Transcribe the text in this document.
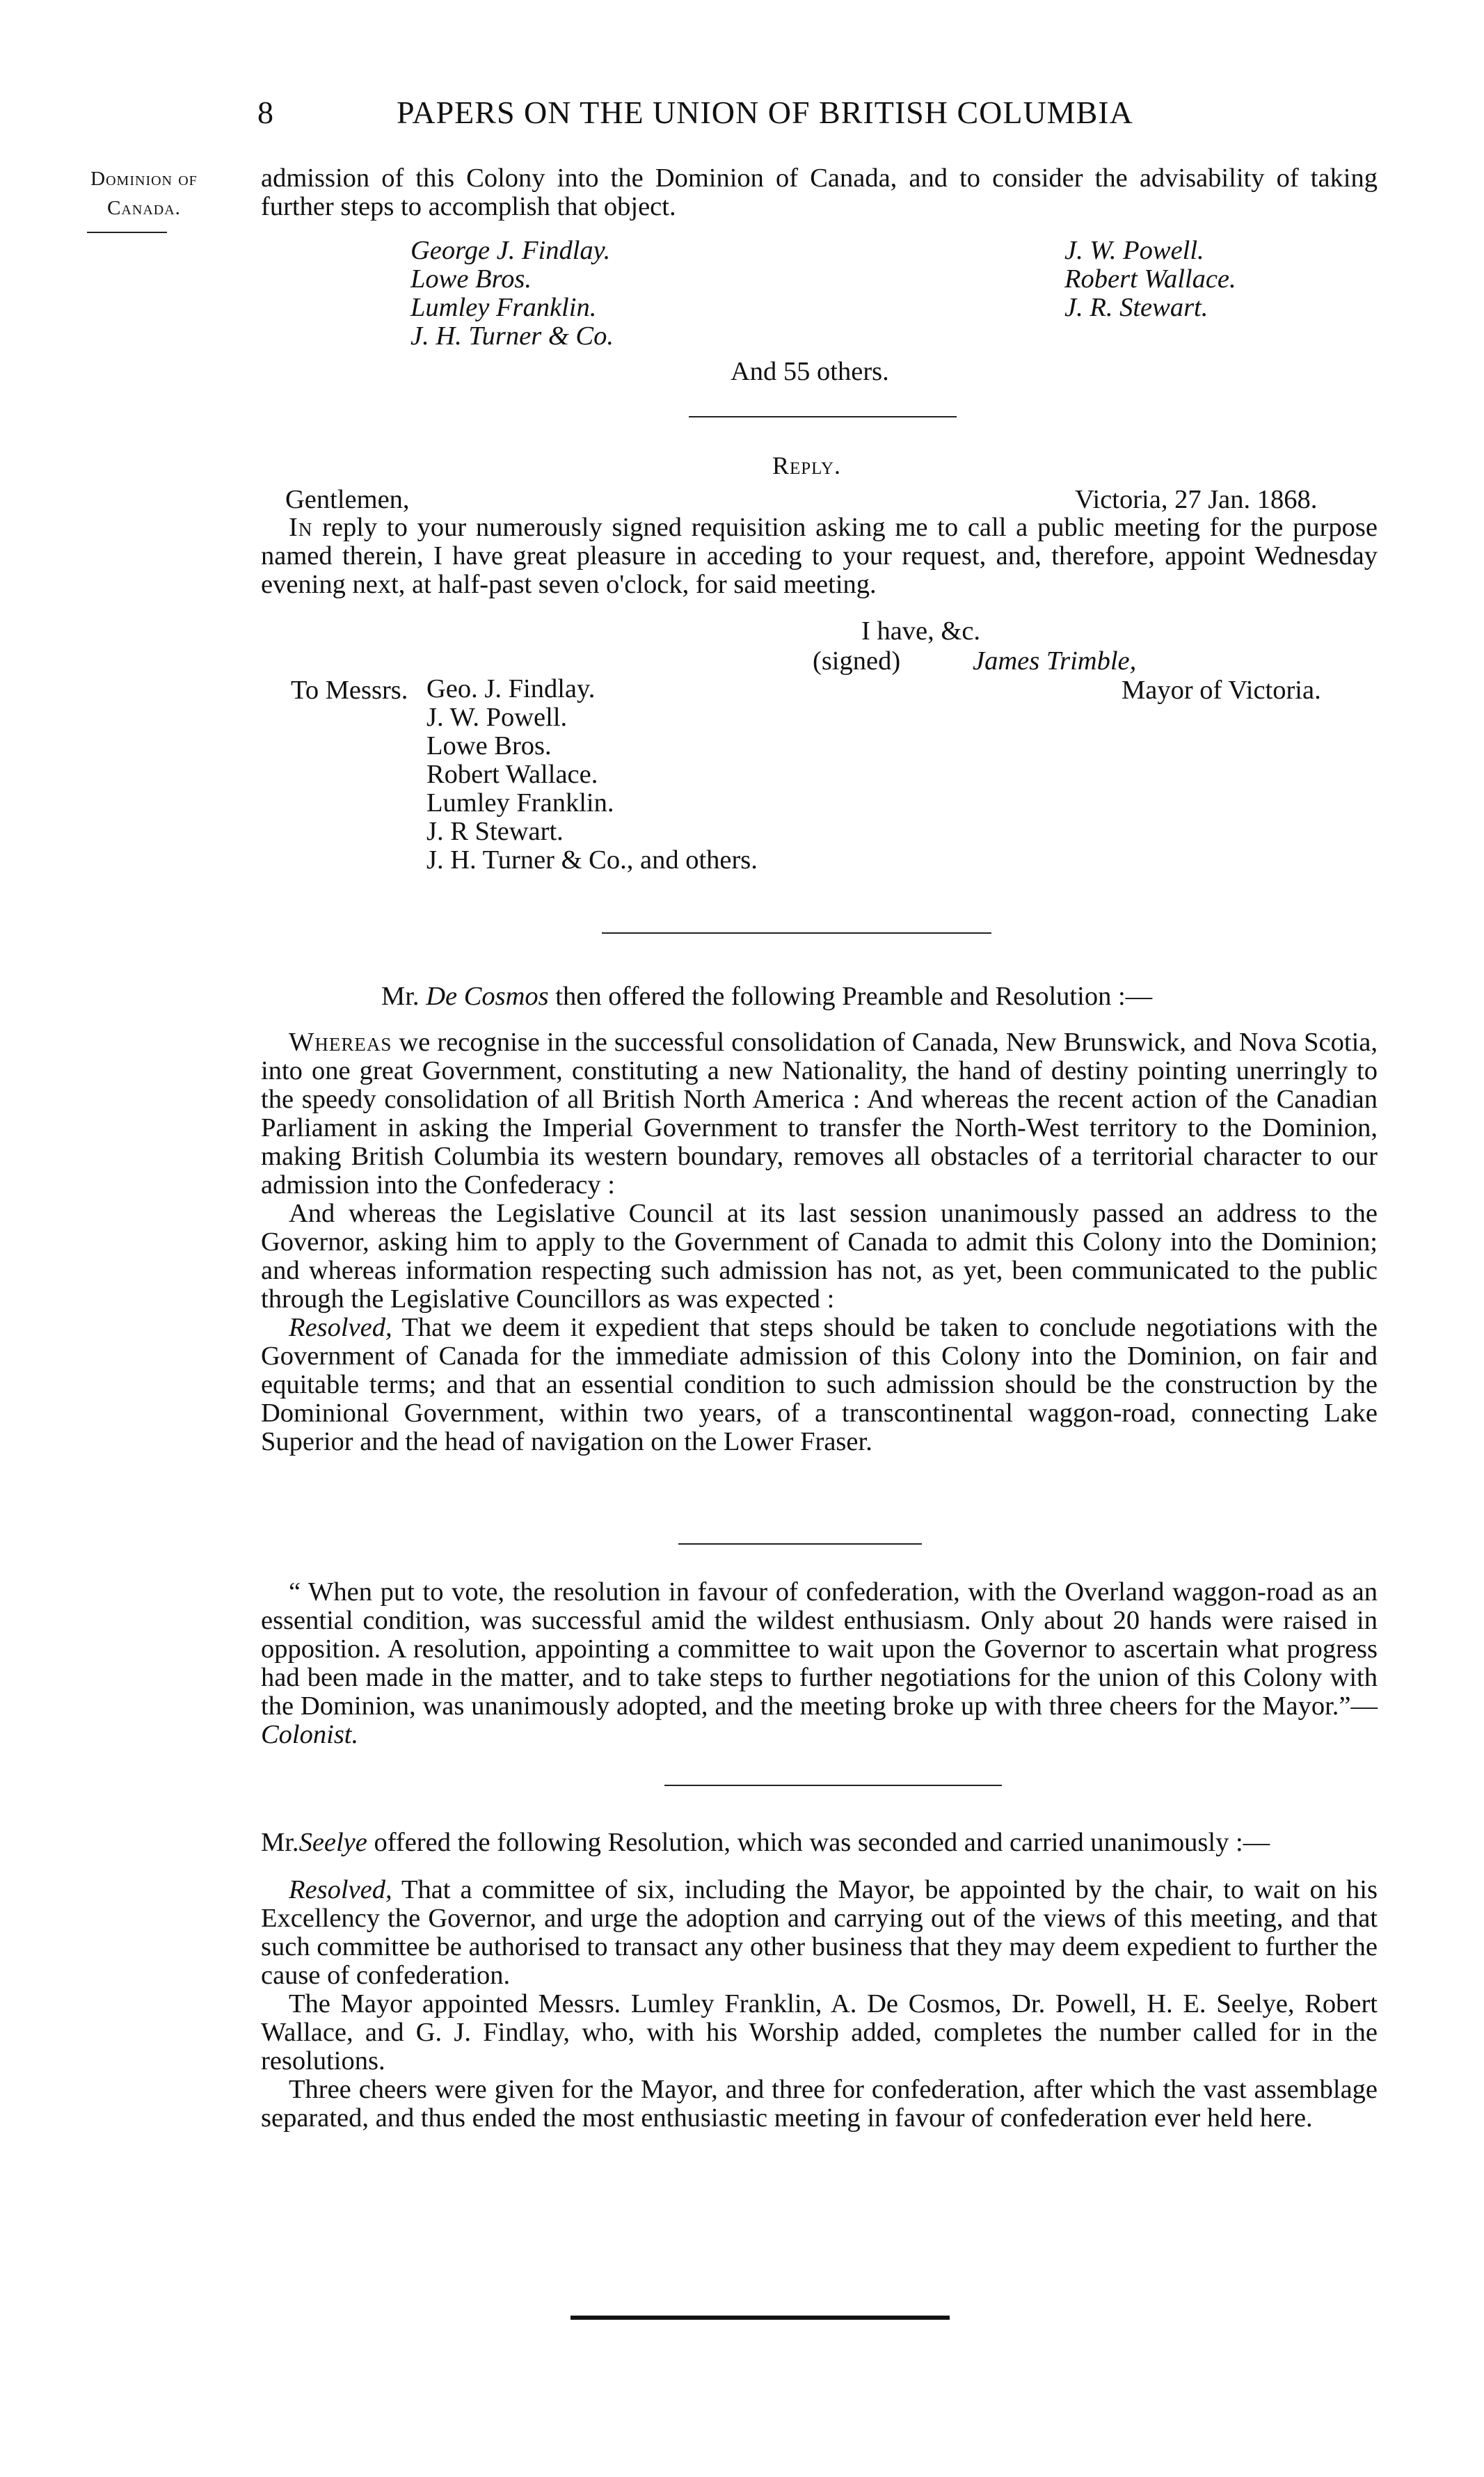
8	PAPERS ON THE UNION OF BRITISH COLUMBIA
Dominion of
Canada.

admission of this Colony into the Dominion of Canada, and to consider the advisability of taking further steps to accomplish that object.

George J. Findlay.
Lowe Bros.
Lumley Franklin.
J. H. Turner & Co.
J. W. Powell.
Robert Wallace.
J. R. Stewart.
And 55 others.
Reply.
Gentlemen,	Victoria, 27 Jan. 1868.

In reply to your numerously signed requisition asking me to call a public meeting for the purpose named therein, I have great pleasure in acceding to your request, and, therefore, appoint Wednesday evening next, at half-past seven o'clock, for said meeting.

I have, &c.
(signed)	James Trimble,
Mayor of Victoria.
To Messrs. Geo. J. Findlay.
J. W. Powell.
Lowe Bros.
Robert Wallace.
Lumley Franklin.
J. R Stewart.
J. H. Turner & Co., and others.
Mr. De Cosmos then offered the following Preamble and Resolution :—

Whereas we recognise in the successful consolidation of Canada, New Brunswick, and Nova Scotia, into one great Government, constituting a new Nationality, the hand of destiny pointing unerringly to the speedy consolidation of all British North America : And whereas the recent action of the Canadian Parliament in asking the Imperial Government to transfer the North-West territory to the Dominion, making British Columbia its western boundary, removes all obstacles of a territorial character to our admission into the Confederacy :

And whereas the Legislative Council at its last session unanimously passed an address to the Governor, asking him to apply to the Government of Canada to admit this Colony into the Dominion; and whereas information respecting such admission has not, as yet, been communicated to the public through the Legislative Councillors as was expected :

Resolved, That we deem it expedient that steps should be taken to conclude negotiations with the Government of Canada for the immediate admission of this Colony into the Dominion, on fair and equitable terms; and that an essential condition to such admission should be the construction by the Dominional Government, within two years, of a transcontinental waggon-road, connecting Lake Superior and the head of navigation on the Lower Fraser.

“ When put to vote, the resolution in favour of confederation, with the Overland waggon-road as an essential condition, was successful amid the wildest enthusiasm. Only about 20 hands were raised in opposition. A resolution, appointing a committee to wait upon the Governor to ascertain what progress had been made in the matter, and to take steps to further negotiations for the union of this Colony with the Dominion, was unanimously adopted, and the meeting broke up with three cheers for the Mayor.”—Colonist.

Mr.Seelye offered the following Resolution, which was seconded and carried unanimously :—

Resolved, That a committee of six, including the Mayor, be appointed by the chair, to wait on his Excellency the Governor, and urge the adoption and carrying out of the views of this meeting, and that such committee be authorised to transact any other business that they may deem expedient to further the cause of confederation.

The Mayor appointed Messrs. Lumley Franklin, A. De Cosmos, Dr. Powell, H. E. Seelye, Robert Wallace, and G. J. Findlay, who, with his Worship added, completes the number called for in the resolutions.

Three cheers were given for the Mayor, and three for confederation, after which the vast assemblage separated, and thus ended the most enthusiastic meeting in favour of confederation ever held here.
